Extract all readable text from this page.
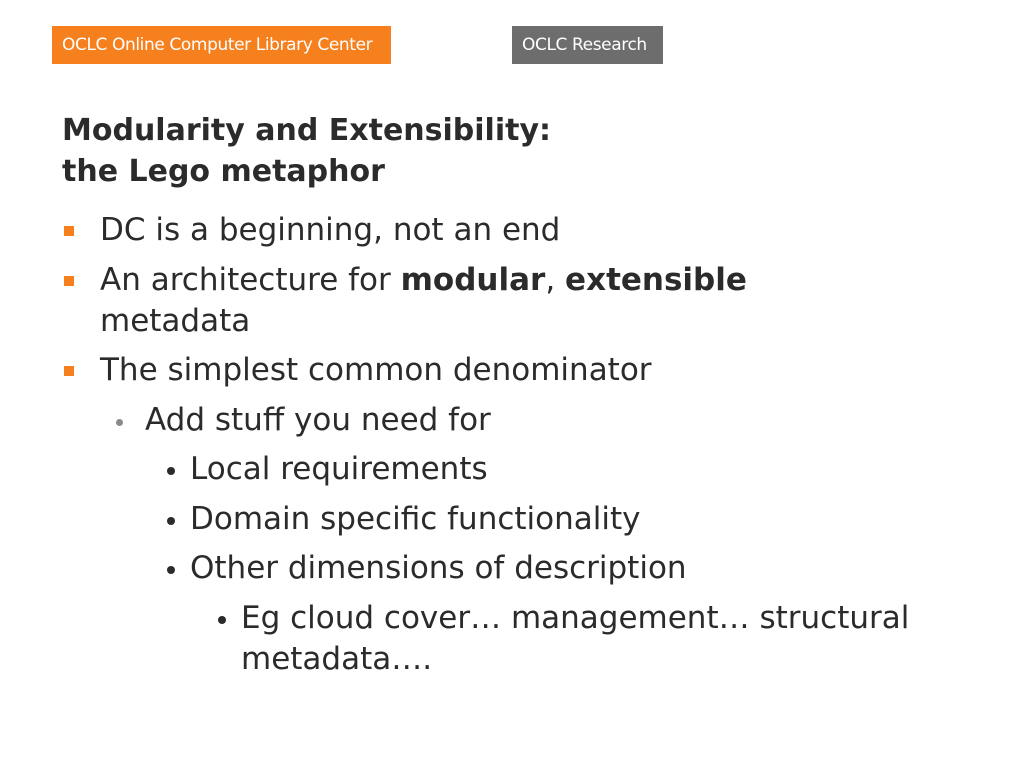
OCLC Online Computer Library Center	OCLC Research
Modularity and Extensibility:
the Lego metaphor
DC is a beginning, not an end
An architecture for modular, extensible
metadata
The simplest common denominator
Add stuff you need for
Local requirements
Domain specific functionality
Other dimensions of description
Eg cloud cover… management… structural
metadata….
